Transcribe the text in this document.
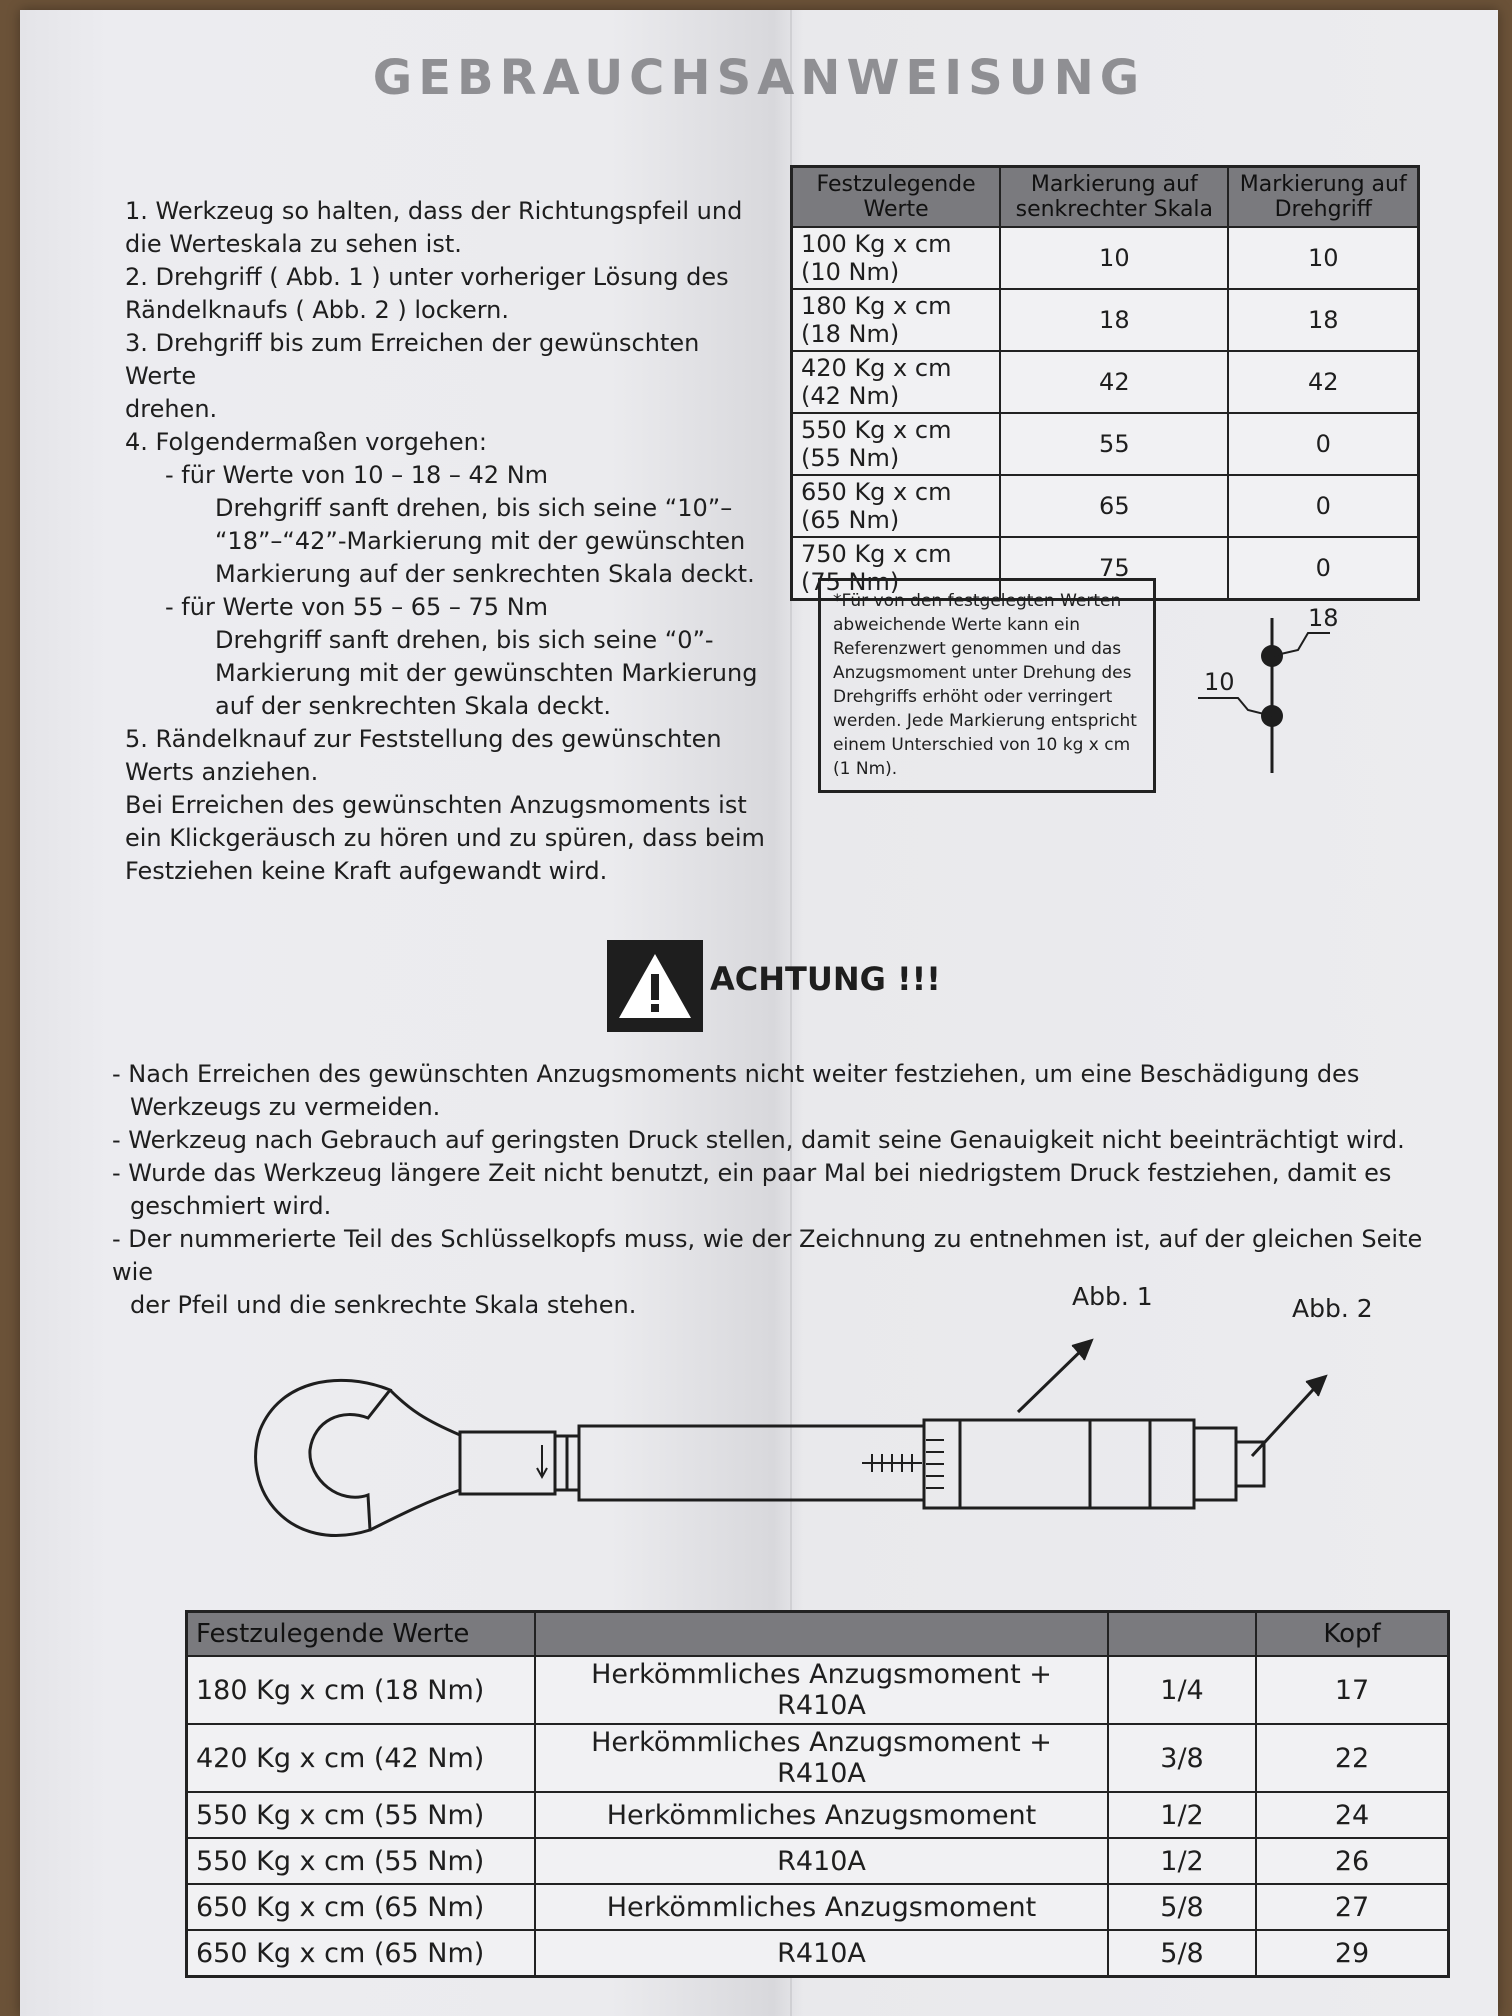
GEBRAUCHSANWEISUNG

1. Werkzeug so halten, dass der Richtungspfeil und

die Werteskala zu sehen ist.

2. Drehgriff ( Abb. 1 ) unter vorheriger Lösung des

Rändelknaufs ( Abb. 2 ) lockern.

3. Drehgriff bis zum Erreichen der gewünschten Werte

drehen.

4. Folgendermaßen vorgehen:

- für Werte von 10 – 18 – 42 Nm

Drehgriff sanft drehen, bis sich seine “10”–

“18”–“42”-Markierung mit der gewünschten

Markierung auf der senkrechten Skala deckt.

- für Werte von 55 – 65 – 75 Nm

Drehgriff sanft drehen, bis sich seine “0”-

Markierung mit der gewünschten Markierung

auf der senkrechten Skala deckt.

5. Rändelknauf zur Feststellung des gewünschten

Werts anziehen.

Bei Erreichen des gewünschten Anzugsmoments ist

ein Klickgeräusch zu hören und zu spüren, dass beim

Festziehen keine Kraft aufgewandt wird.

Festzulegende Werte	Markierung auf senkrechter Skala	Markierung auf Drehgriff
100 Kg x cm (10 Nm)	10	10
180 Kg x cm (18 Nm)	18	18
420 Kg x cm (42 Nm)	42	42
550 Kg x cm (55 Nm)	55	0
650 Kg x cm (65 Nm)	65	0
750 Kg x cm (75 Nm)	75	0
*Für von den festgelegten Werten abweichende Werte kann ein Referenzwert genommen und das Anzugsmoment unter Drehung des Drehgriffs erhöht oder verringert werden. Jede Markierung entspricht einem Unterschied von 10 kg x cm (1 Nm).
18
10
ACHTUNG !!!

- Nach Erreichen des gewünschten Anzugsmoments nicht weiter festziehen, um eine Beschädigung des

Werkzeugs zu vermeiden.

- Werkzeug nach Gebrauch auf geringsten Druck stellen, damit seine Genauigkeit nicht beeinträchtigt wird.

- Wurde das Werkzeug längere Zeit nicht benutzt, ein paar Mal bei niedrigstem Druck festziehen, damit es

geschmiert wird.

- Der nummerierte Teil des Schlüsselkopfs muss, wie der Zeichnung zu entnehmen ist, auf der gleichen Seite wie

der Pfeil und die senkrechte Skala stehen.	Abb. 1	Abb. 2
Festzulegende Werte			Kopf
180 Kg x cm (18 Nm)	Herkömmliches Anzugsmoment + R410A	1/4	17
420 Kg x cm (42 Nm)	Herkömmliches Anzugsmoment + R410A	3/8	22
550 Kg x cm (55 Nm)	Herkömmliches Anzugsmoment	1/2	24
550 Kg x cm (55 Nm)	R410A	1/2	26
650 Kg x cm (65 Nm)	Herkömmliches Anzugsmoment	5/8	27
650 Kg x cm (65 Nm)	R410A	5/8	29
